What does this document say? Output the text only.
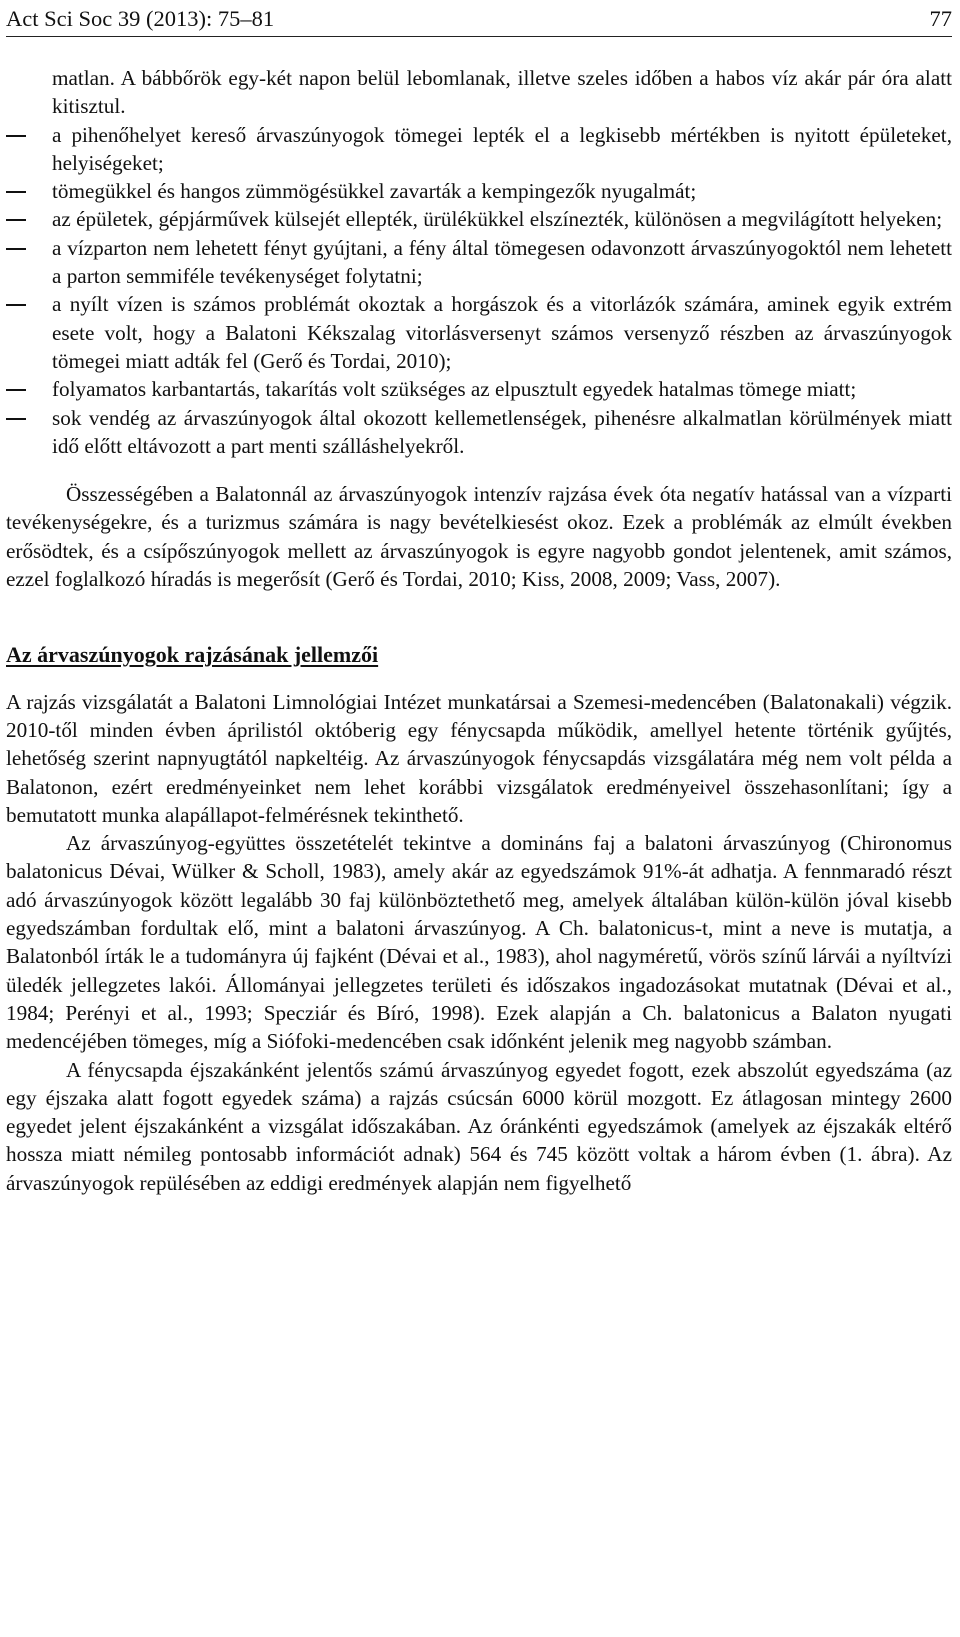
Act Sci Soc 39 (2013): 75–81	77

matlan. A bábbőrök egy-két napon belül lebomlanak, illetve szeles időben a habos víz akár pár óra alatt kitisztul.

a pihenőhelyet kereső árvaszúnyogok tömegei lepték el a legkisebb mértékben is nyitott épületeket, helyiségeket;
tömegükkel és hangos zümmögésükkel zavarták a kempingezők nyugalmát;
az épületek, gépjárművek külsejét ellepték, ürülékükkel elszínezték, különösen a megvilágított helyeken;
a vízparton nem lehetett fényt gyújtani, a fény által tömegesen odavonzott árvaszúnyogoktól nem lehetett a parton semmiféle tevékenységet folytatni;
a nyílt vízen is számos problémát okoztak a horgászok és a vitorlázók számára, aminek egyik extrém esete volt, hogy a Balatoni Kékszalag vitorlásversenyt számos versenyző részben az árvaszúnyogok tömegei miatt adták fel (Gerő és Tordai, 2010);
folyamatos karbantartás, takarítás volt szükséges az elpusztult egyedek hatalmas tömege miatt;
sok vendég az árvaszúnyogok által okozott kellemetlenségek, pihenésre alkalmatlan körülmények miatt idő előtt eltávozott a part menti szálláshelyekről.

Összességében a Balatonnál az árvaszúnyogok intenzív rajzása évek óta negatív hatással van a vízparti tevékenységekre, és a turizmus számára is nagy bevételkiesést okoz. Ezek a problémák az elmúlt években erősödtek, és a csípőszúnyogok mellett az árvaszúnyogok is egyre nagyobb gondot jelentenek, amit számos, ezzel foglalkozó híradás is megerősít (Gerő és Tordai, 2010; Kiss, 2008, 2009; Vass, 2007).

Az árvaszúnyogok rajzásának jellemzői

A rajzás vizsgálatát a Balatoni Limnológiai Intézet munkatársai a Szemesi-medencében (Balatonakali) végzik. 2010-től minden évben áprilistól októberig egy fénycsapda működik, amellyel hetente történik gyűjtés, lehetőség szerint napnyugtától napkeltéig. Az árvaszúnyogok fénycsapdás vizsgálatára még nem volt példa a Balatonon, ezért eredményeinket nem lehet korábbi vizsgálatok eredményeivel összehasonlítani; így a bemutatott munka alapállapot-felmérésnek tekinthető.

Az árvaszúnyog-együttes összetételét tekintve a domináns faj a balatoni árvaszúnyog (Chironomus balatonicus Dévai, Wülker & Scholl, 1983), amely akár az egyedszámok 91%-át adhatja. A fennmaradó részt adó árvaszúnyogok között legalább 30 faj különböztethető meg, amelyek általában külön-külön jóval kisebb egyedszámban fordultak elő, mint a balatoni árvaszúnyog. A Ch. balatonicus-t, mint a neve is mutatja, a Balatonból írták le a tudományra új fajként (Dévai et al., 1983), ahol nagyméretű, vörös színű lárvái a nyíltvízi üledék jellegzetes lakói. Állományai jellegzetes területi és időszakos ingadozásokat mutatnak (Dévai et al., 1984; Perényi et al., 1993; Specziár és Bíró, 1998). Ezek alapján a Ch. balatonicus a Balaton nyugati medencéjében tömeges, míg a Siófoki-medencében csak időnként jelenik meg nagyobb számban.

A fénycsapda éjszakánként jelentős számú árvaszúnyog egyedet fogott, ezek abszolút egyedszáma (az egy éjszaka alatt fogott egyedek száma) a rajzás csúcsán 6000 körül mozgott. Ez átlagosan mintegy 2600 egyedet jelent éjszakánként a vizsgálat időszakában. Az óránkénti egyedszámok (amelyek az éjszakák eltérő hossza miatt némileg pontosabb információt adnak) 564 és 745 között voltak a három évben (1. ábra). Az árvaszúnyogok repülésében az eddigi eredmények alapján nem figyelhető
